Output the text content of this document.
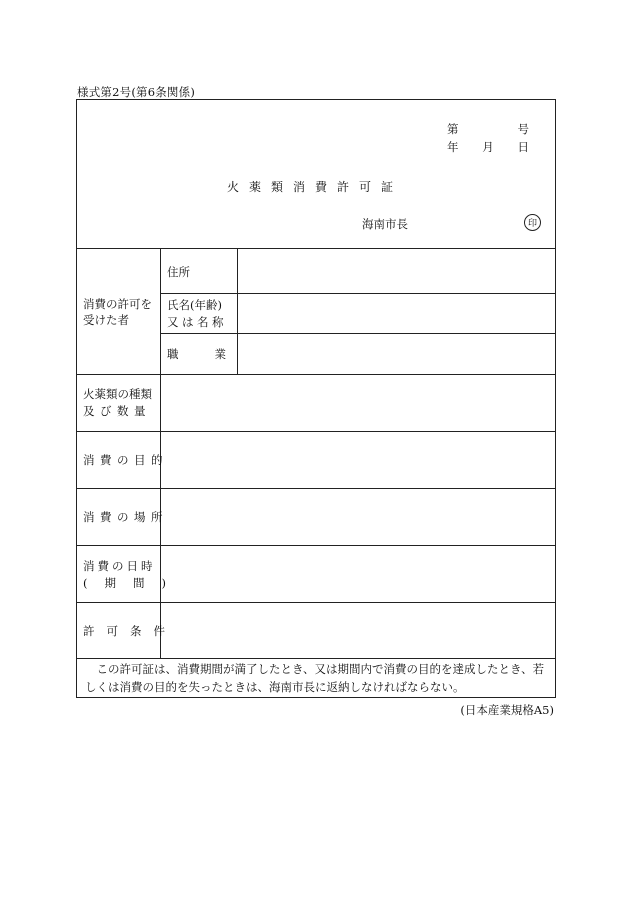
様式第2号(第6条関係)
第	号
年 月 日
火薬類消費許可証
海南市長	印
消費の許可を受けた者
住所
氏名(年齢)
又は名称
職業
火薬類の種類
及び数量
消費の目的
消費の場所
消費の日時
(期間)
許可条件
この許可証は、消費期間が満了したとき、又は期間内で消費の目的を達成したとき、若しくは消費の目的を失ったときは、海南市長に返納しなければならない。
(日本産業規格A5)
